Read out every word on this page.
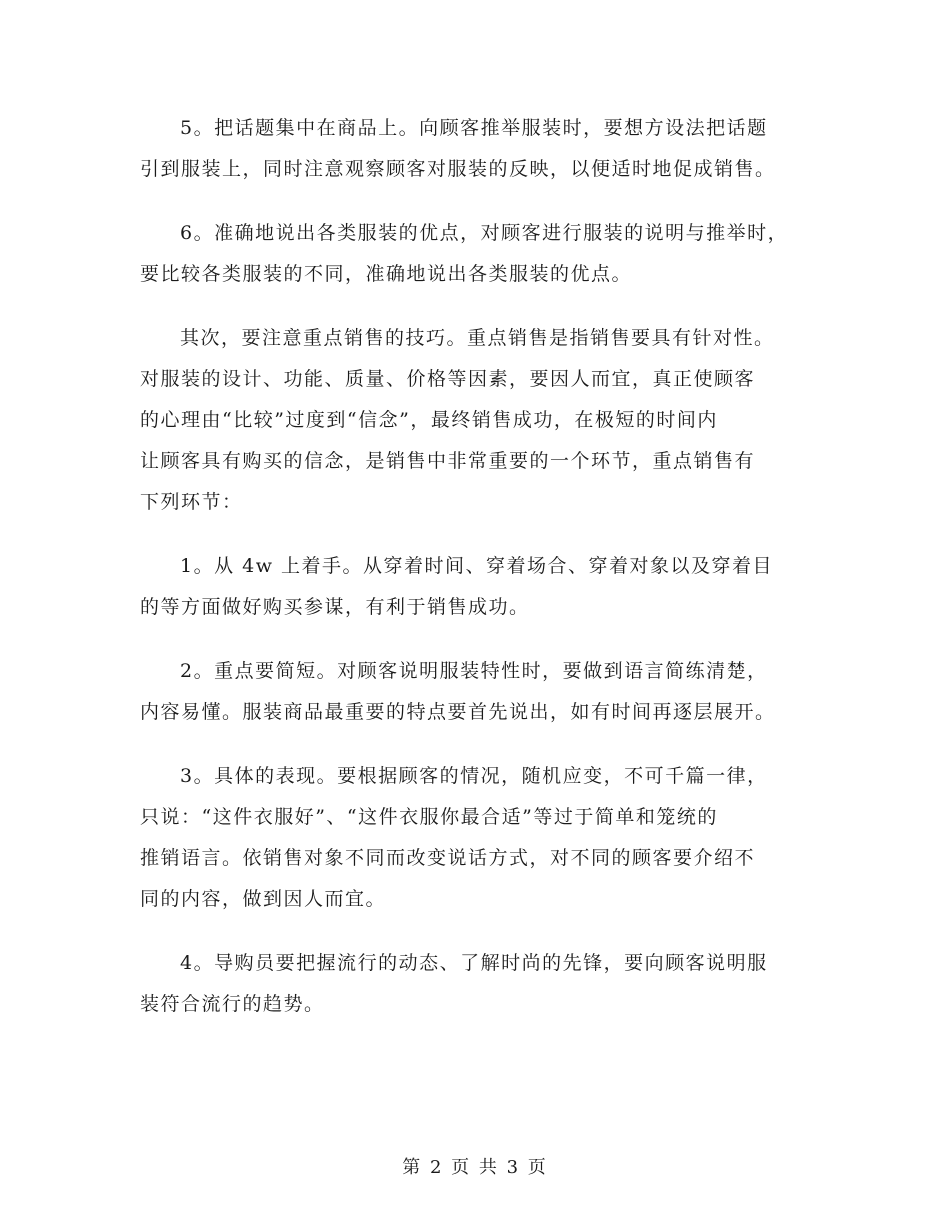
5。把话题集中在商品上。向顾客推举服装时，要想方设法把话题
引到服装上，同时注意观察顾客对服装的反映，以便适时地促成销售。

6。准确地说出各类服装的优点，对顾客进行服装的说明与推举时，
要比较各类服装的不同，准确地说出各类服装的优点。

其次，要注意重点销售的技巧。重点销售是指销售要具有针对性。
对服装的设计、功能、质量、价格等因素，要因人而宜，真正使顾客
的心理由“比较”过度到“信念”，最终销售成功，在极短的时间内
让顾客具有购买的信念，是销售中非常重要的一个环节，重点销售有
下列环节：

1。从 4w 上着手。从穿着时间、穿着场合、穿着对象以及穿着目
的等方面做好购买参谋，有利于销售成功。

2。重点要简短。对顾客说明服装特性时，要做到语言简练清楚，
内容易懂。服装商品最重要的特点要首先说出，如有时间再逐层展开。

3。具体的表现。要根据顾客的情况，随机应变，不可千篇一律，
只说：“这件衣服好”、“这件衣服你最合适”等过于简单和笼统的
推销语言。依销售对象不同而改变说话方式，对不同的顾客要介绍不
同的内容，做到因人而宜。

4。导购员要把握流行的动态、了解时尚的先锋，要向顾客说明服
装符合流行的趋势。

第 2 页 共 3 页
